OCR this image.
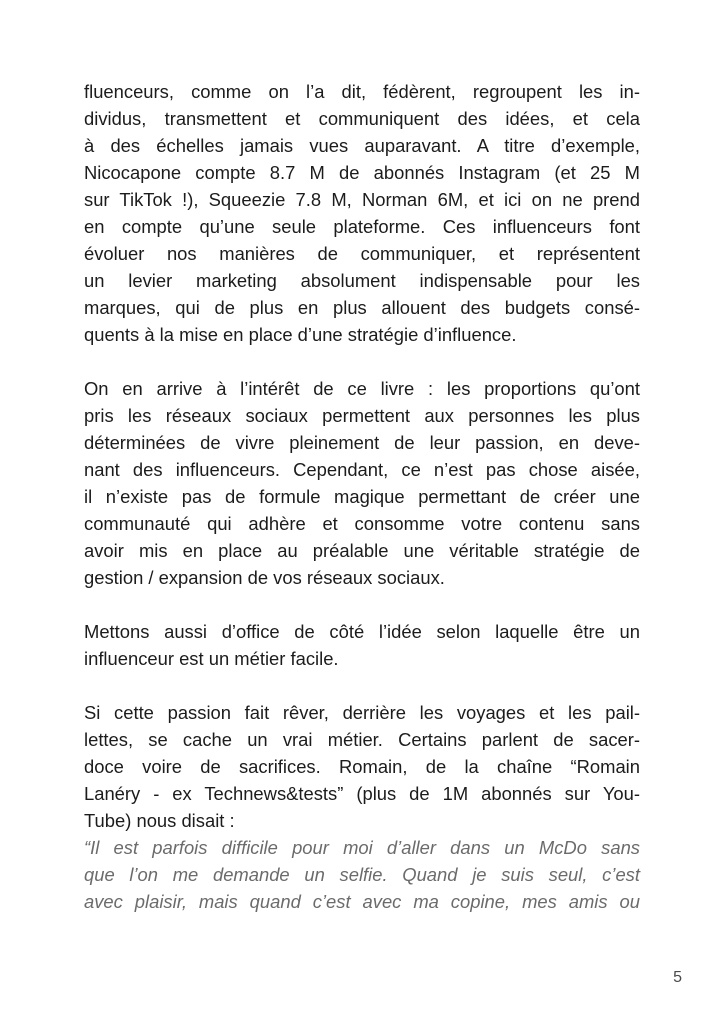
fluenceurs, comme on l’a dit, fédèrent, regroupent les in-
dividus, transmettent et communiquent des idées, et cela
à des échelles jamais vues auparavant. A titre d’exemple,
Nicocapone compte 8.7 M de abonnés Instagram (et 25 M
sur TikTok !), Squeezie 7.8 M, Norman 6M, et ici on ne prend
en compte qu’une seule plateforme. Ces influenceurs font
évoluer nos manières de communiquer, et représentent
un levier marketing absolument indispensable pour les
marques, qui de plus en plus allouent des budgets consé-
quents à la mise en place d’une stratégie d’influence.

On en arrive à l’intérêt de ce livre : les proportions qu’ont
pris les réseaux sociaux permettent aux personnes les plus
déterminées de vivre pleinement de leur passion, en deve-
nant des influenceurs. Cependant, ce n’est pas chose aisée,
il n’existe pas de formule magique permettant de créer une
communauté qui adhère et consomme votre contenu sans
avoir mis en place au préalable une véritable stratégie de
gestion / expansion de vos réseaux sociaux.

Mettons aussi d’office de côté l’idée selon laquelle être un
influenceur est un métier facile.

Si cette passion fait rêver, derrière les voyages et les pail-
lettes, se cache un vrai métier. Certains parlent de sacer-
doce voire de sacrifices. Romain, de la chaîne “Romain
Lanéry - ex Technews&tests” (plus de 1M abonnés sur You-
Tube) nous disait :
“Il est parfois difficile pour moi d’aller dans un McDo sans
que l’on me demande un selfie. Quand je suis seul, c’est
avec plaisir, mais quand c’est avec ma copine, mes amis ou

5
